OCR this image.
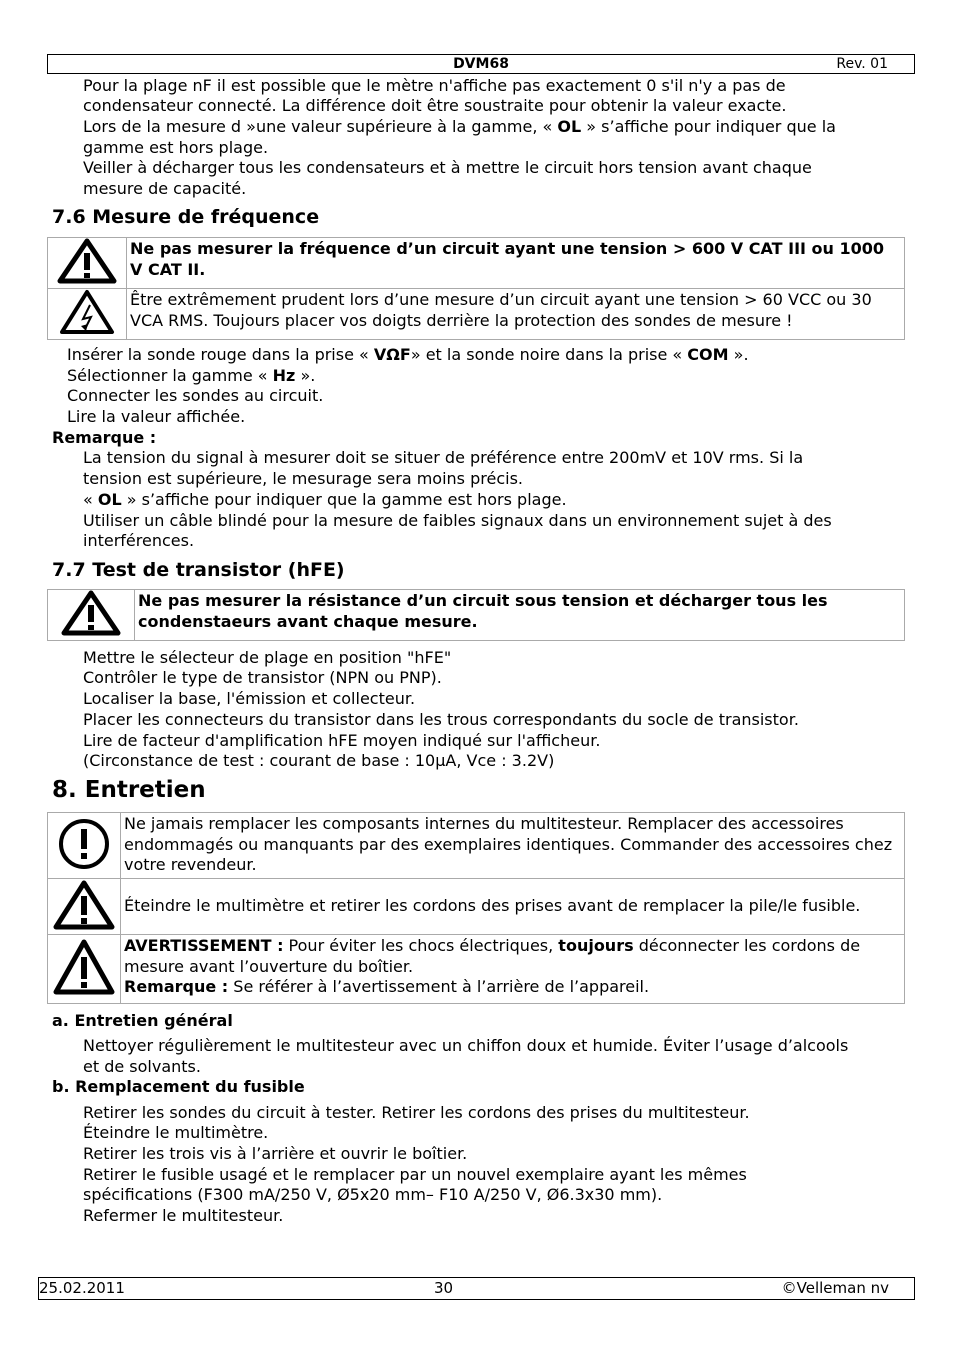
DVM68	Rev. 01
Pour la plage nF il est possible que le mètre n'affiche pas exactement 0 s'il n'y a pas de
condensateur connecté. La différence doit être soustraite pour obtenir la valeur exacte.
Lors de la mesure d »une valeur supérieure à la gamme, « OL » s’affiche pour indiquer que la
gamme est hors plage.
Veiller à décharger tous les condensateurs et à mettre le circuit hors tension avant chaque
mesure de capacité.
7.6 Mesure de fréquence
	Ne pas mesurer la fréquence d’un circuit ayant une tension > 600 V CAT III ou 1000 V CAT II.
	Être extrêmement prudent lors d’une mesure d’un circuit ayant une tension > 60 VCC ou 30 VCA RMS. Toujours placer vos doigts derrière la protection des sondes de mesure !
Insérer la sonde rouge dans la prise « VΩF» et la sonde noire dans la prise « COM ».
Sélectionner la gamme « Hz ».
Connecter les sondes au circuit.
Lire la valeur affichée.
Remarque :
La tension du signal à mesurer doit se situer de préférence entre 200mV et 10V rms. Si la
tension est supérieure, le mesurage sera moins précis.
« OL » s’affiche pour indiquer que la gamme est hors plage.
Utiliser un câble blindé pour la mesure de faibles signaux dans un environnement sujet à des
interférences.
7.7 Test de transistor (hFE)
	Ne pas mesurer la résistance d’un circuit sous tension et décharger tous les condenstaeurs avant chaque mesure.
Mettre le sélecteur de plage en position "hFE"
Contrôler le type de transistor (NPN ou PNP).
Localiser la base, l'émission et collecteur.
Placer les connecteurs du transistor dans les trous correspondants du socle de transistor.
Lire de facteur d'amplification hFE moyen indiqué sur l'afficheur.
(Circonstance de test : courant de base : 10μA, Vce : 3.2V)
8. Entretien
	Ne jamais remplacer les composants internes du multitesteur. Remplacer des accessoires endommagés ou manquants par des exemplaires identiques. Commander des accessoires chez votre revendeur.
	Éteindre le multimètre et retirer les cordons des prises avant de remplacer la pile/le fusible.
	AVERTISSEMENT : Pour éviter les chocs électriques, toujours déconnecter les cordons de mesure avant l’ouverture du boîtier.
Remarque : Se référer à l’avertissement à l’arrière de l’appareil.
a. Entretien général
Nettoyer régulièrement le multitesteur avec un chiffon doux et humide. Éviter l’usage d’alcools
et de solvants.
b. Remplacement du fusible
Retirer les sondes du circuit à tester. Retirer les cordons des prises du multitesteur.
Éteindre le multimètre.
Retirer les trois vis à l’arrière et ouvrir le boîtier.
Retirer le fusible usagé et le remplacer par un nouvel exemplaire ayant les mêmes
spécifications (F300 mA/250 V, Ø5x20 mm– F10 A/250 V, Ø6.3x30 mm).
Refermer le multitesteur.
25.02.2011	30	©Velleman nv
